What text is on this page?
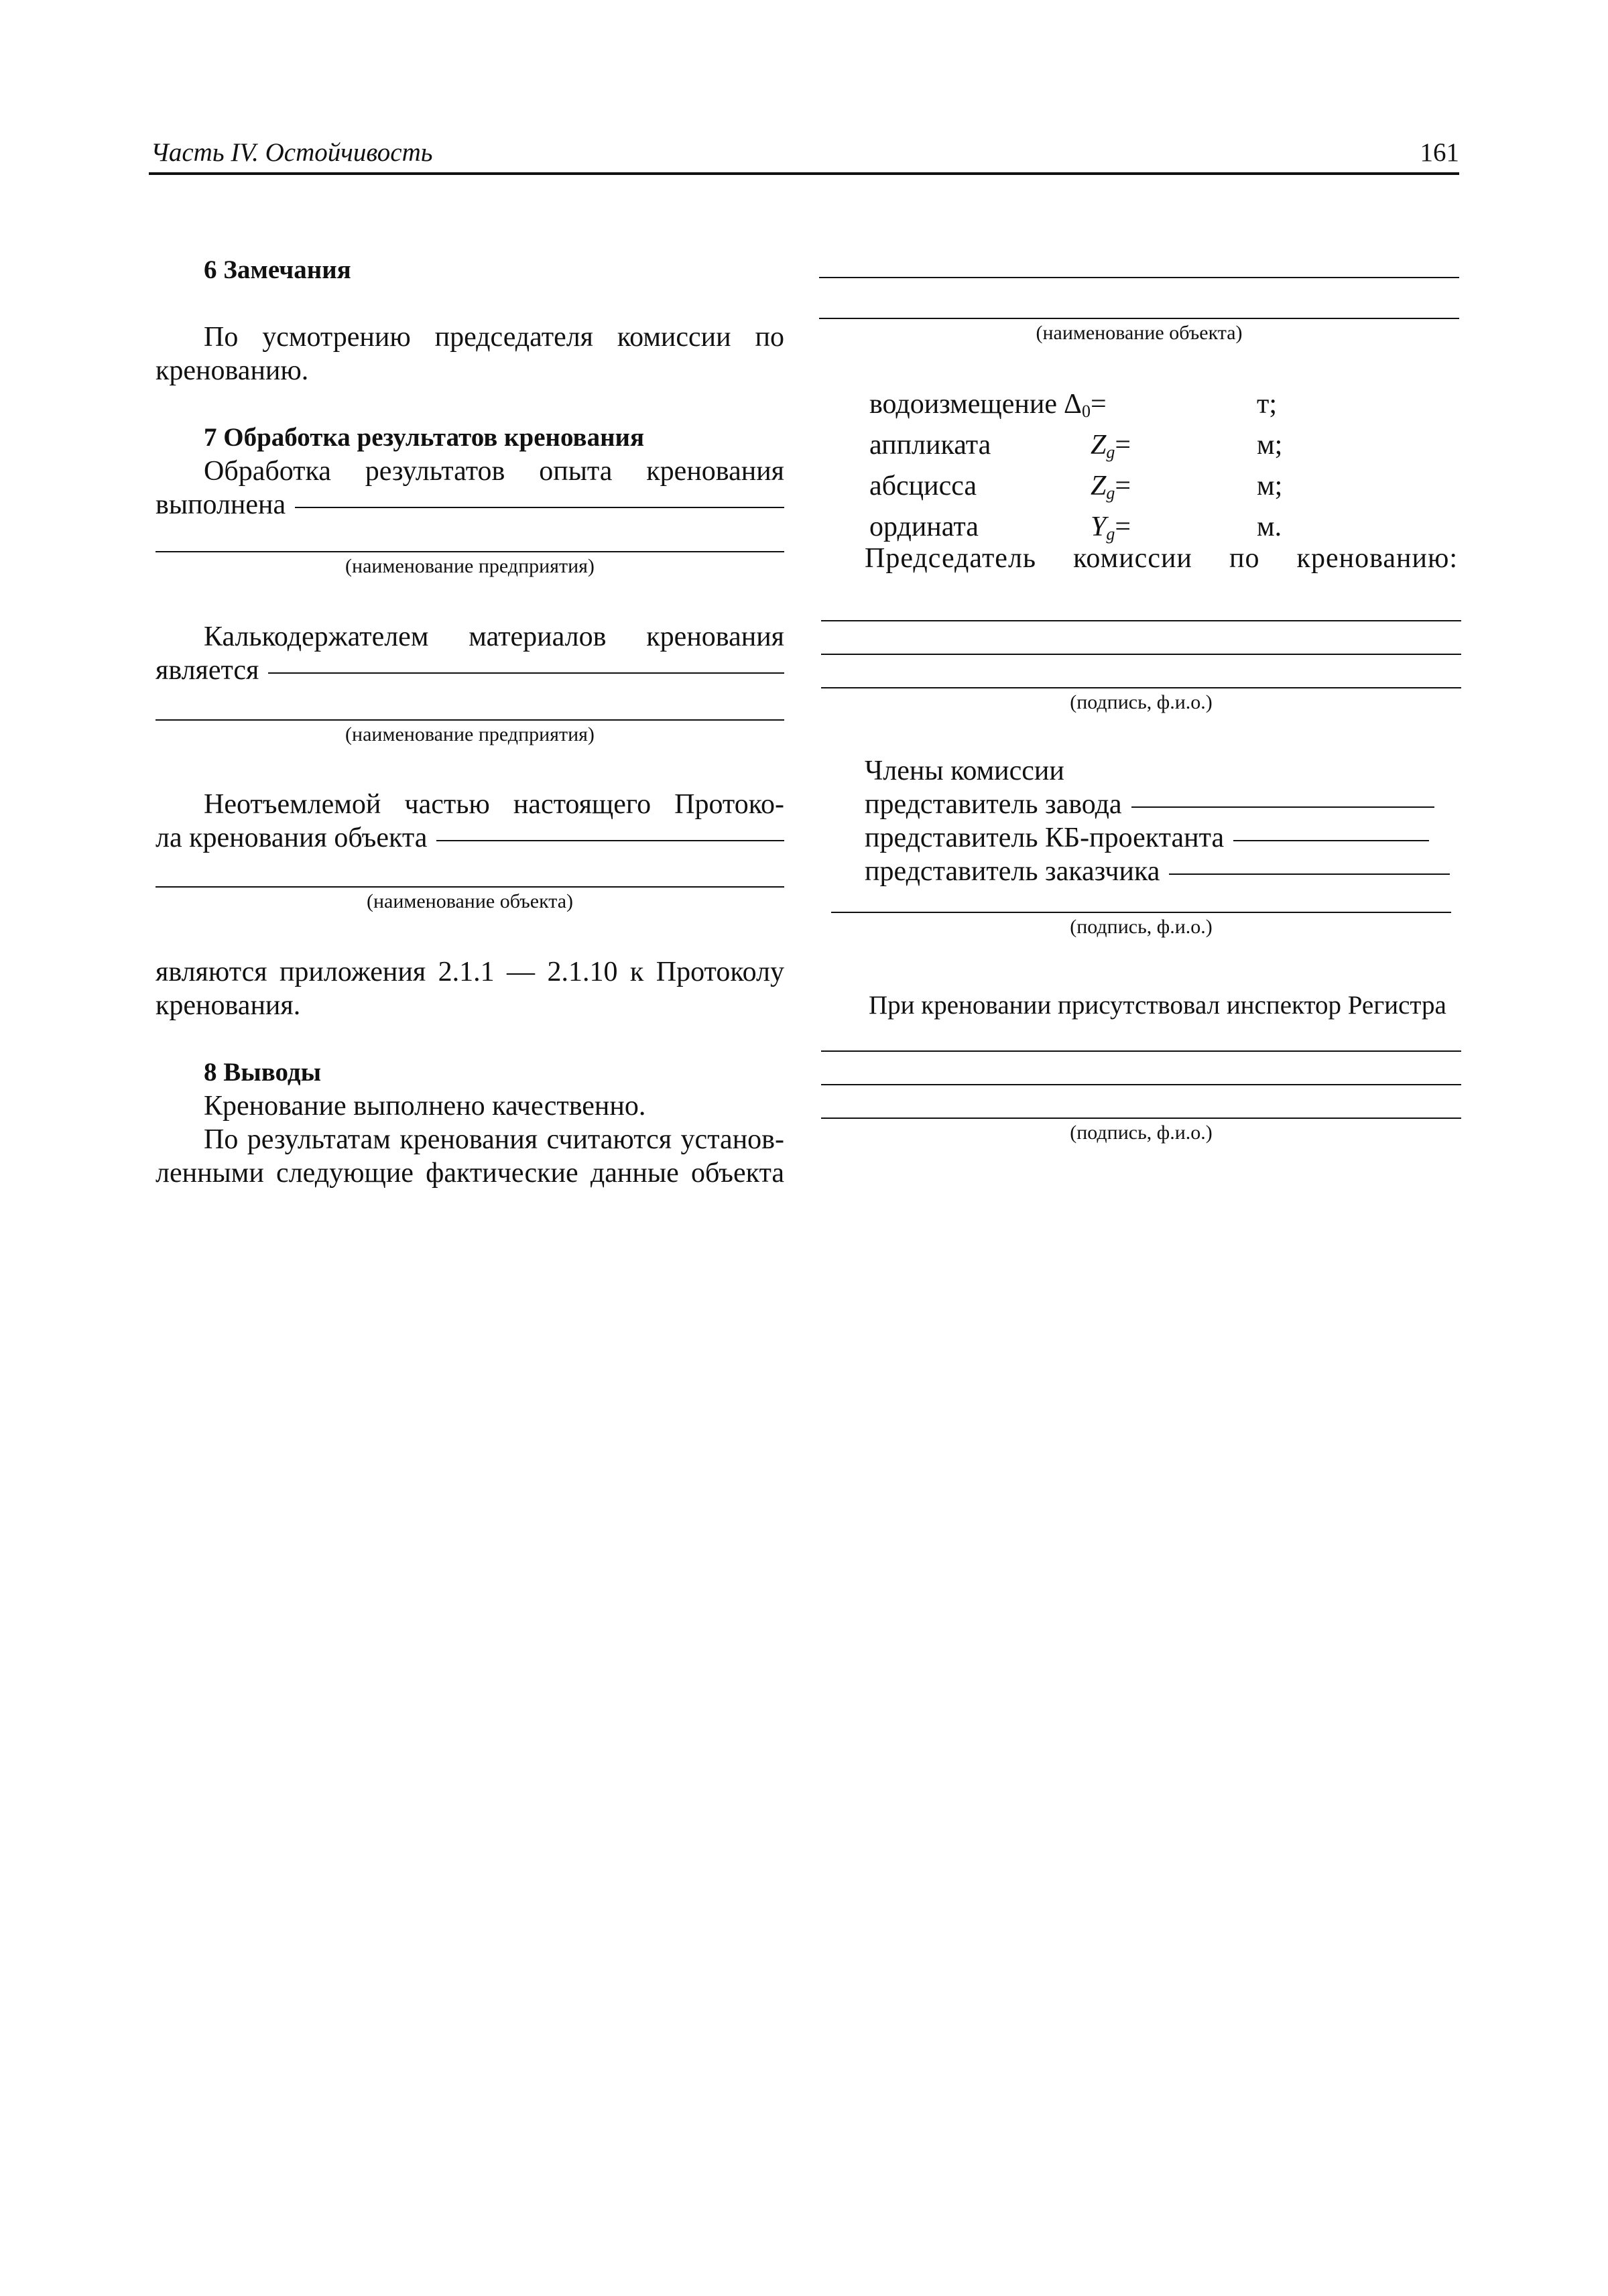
Часть IV. Остойчивость	161
6 Замечания
По усмотрению председателя комиссии по кренованию.
7 Обработка результатов кренования
Обработка результатов опыта кренования
выполнена
(наименование предприятия)
Калькодержателем материалов кренования
является
(наименование предприятия)
Неотъемлемой частью настоящего Протоко-
ла кренования объекта
(наименование объекта)
являются приложения 2.1.1 — 2.1.10 к Протоколу кренования.
8 Выводы
Кренование выполнено качественно.
По результатам кренования считаются установ-
ленными следующие фактические данные объекта
(наименование объекта)
водоизмещение	$\Delta_0=$		т;
аппликата	$Z_g=$		м;
абсцисса	$Z_g=$		м;
ордината	$Y_g=$		м.
Председатель комиссии по кренованию:
(подпись, ф.и.о.)
Члены комиссии
представитель завода
представитель КБ-проектанта
представитель заказчика
(подпись, ф.и.о.)
При креновании присутствовал инспектор Регистра
(подпись, ф.и.о.)
